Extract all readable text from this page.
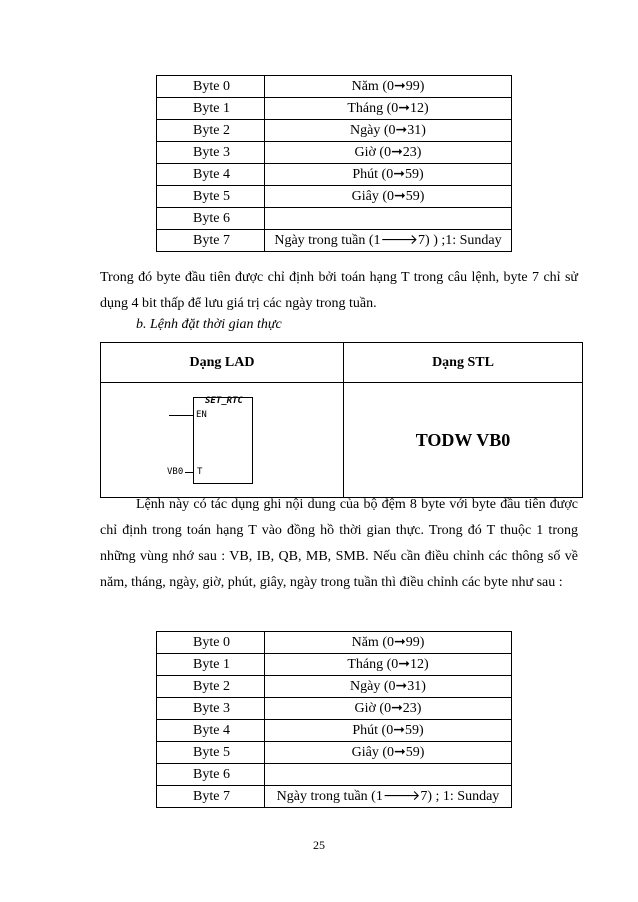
Byte 0	Năm (0➞99)
Byte 1	Tháng (0➞12)
Byte 2	Ngày (0➞31)
Byte 3	Giờ (0➞23)
Byte 4	Phút (0➞59)
Byte 5	Giây (0➞59)
Byte 6	
Byte 7	Ngày trong tuần (1🡒7) ) ;1: Sunday

Trong đó byte đầu tiên được chỉ định bởi toán hạng T trong câu lệnh, byte 7 chỉ sử dụng 4 bit thấp để lưu giá trị các ngày trong tuần.

b. Lệnh đặt thời gian thực

Dạng LAD	Dạng STL

SET_RTC
EN
VB0 T	TODW VB0

Lệnh này có tác dụng ghi nội dung của bộ đệm 8 byte với byte đầu tiên được chỉ định trong toán hạng T vào đồng hồ thời gian thực. Trong đó T thuộc 1 trong những vùng nhớ sau : VB, IB, QB, MB, SMB. Nếu cần điều chỉnh các thông số về năm, tháng, ngày, giờ, phút, giây, ngày trong tuần thì điều chỉnh các byte như sau :

Byte 0	Năm (0➞99)
Byte 1	Tháng (0➞12)
Byte 2	Ngày (0➞31)
Byte 3	Giờ (0➞23)
Byte 4	Phút (0➞59)
Byte 5	Giây (0➞59)
Byte 6	
Byte 7	Ngày trong tuần (1🡒7) ; 1: Sunday
25
